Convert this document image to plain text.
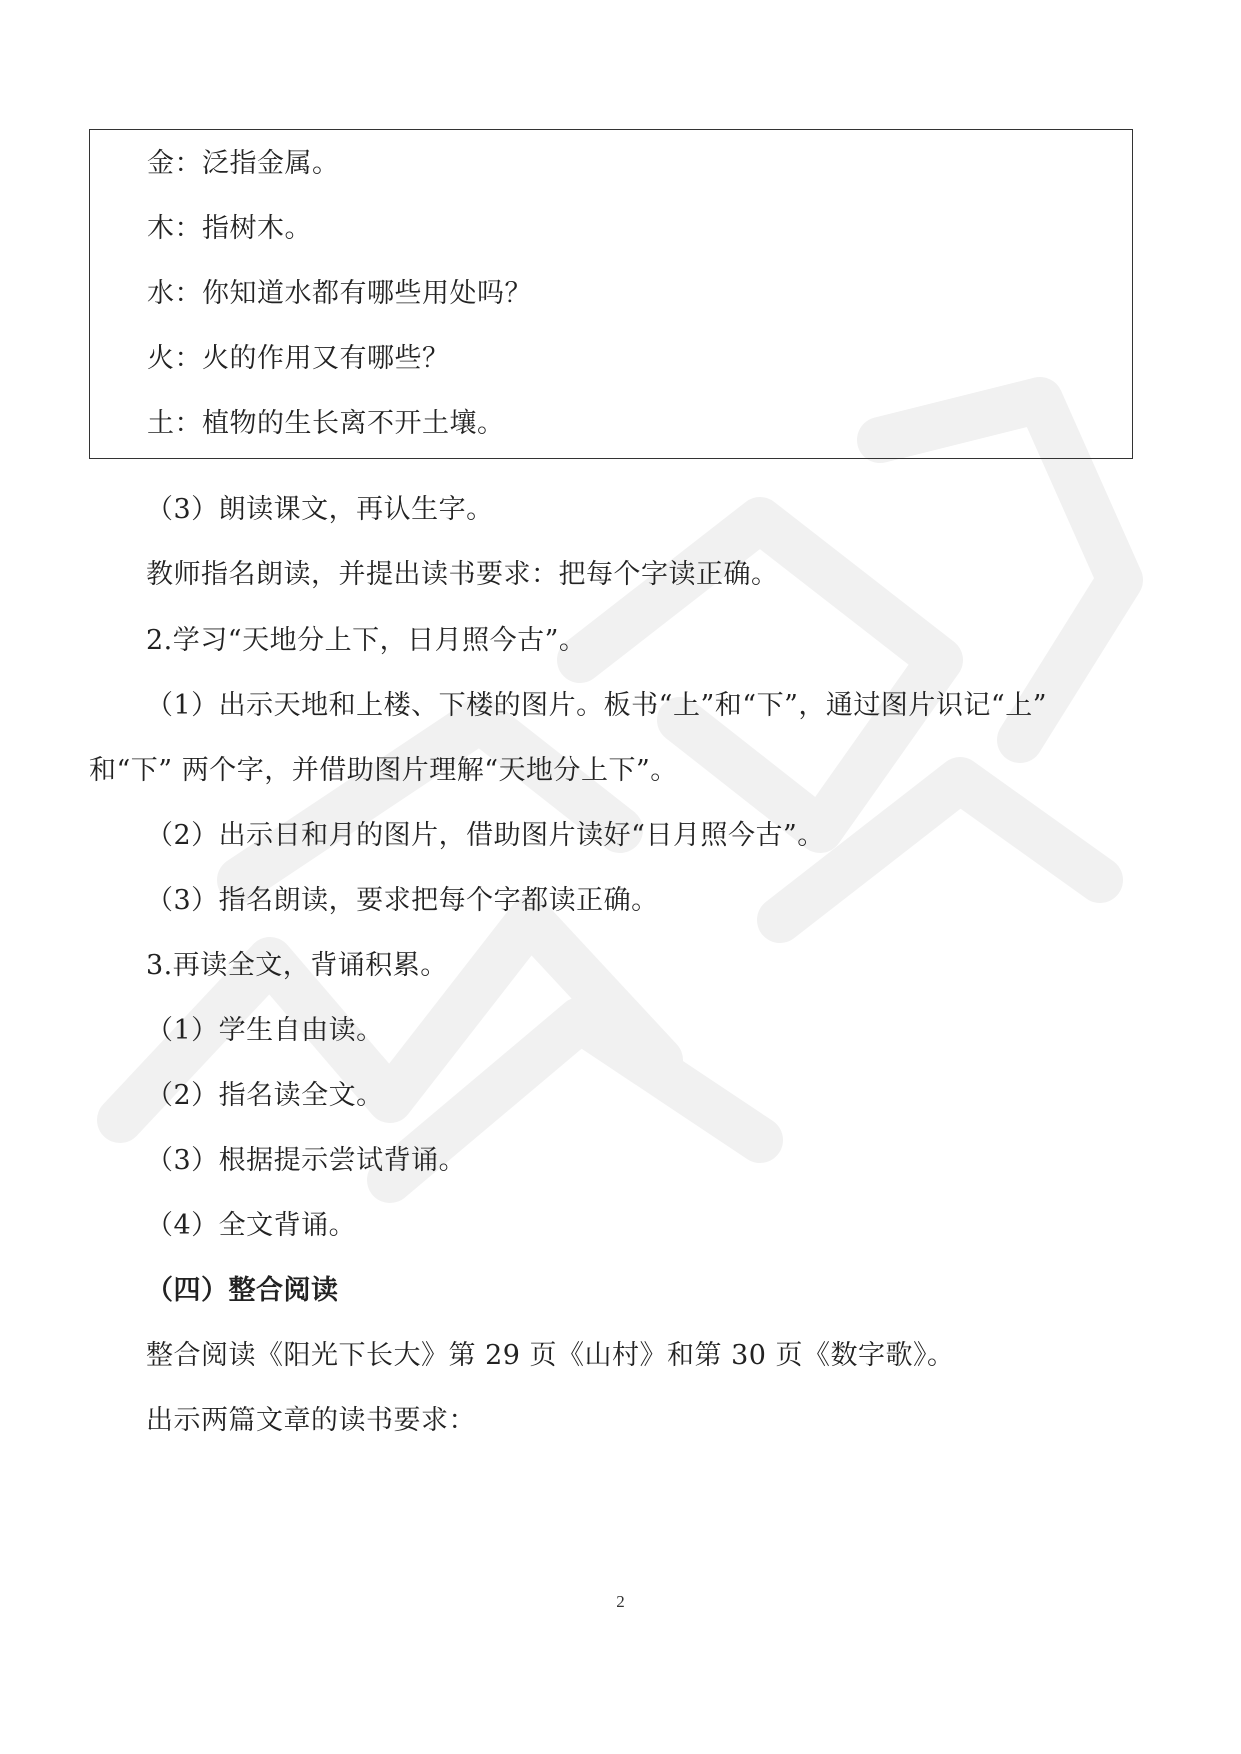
金：泛指金属。
木：指树木。
水：你知道水都有哪些用处吗？
火：火的作用又有哪些？
土：植物的生长离不开土壤。
（3）朗读课文，再认生字。
教师指名朗读，并提出读书要求：把每个字读正确。
2.学习“天地分上下，日月照今古”。
（1）出示天地和上楼、下楼的图片。板书“上”和“下”，通过图片识记“上”
和“下” 两个字，并借助图片理解“天地分上下”。
（2）出示日和月的图片，借助图片读好“日月照今古”。
（3）指名朗读，要求把每个字都读正确。
3.再读全文，背诵积累。
（1）学生自由读。
（2）指名读全文。
（3）根据提示尝试背诵。
（4）全文背诵。
（四）整合阅读
整合阅读《阳光下长大》第 29 页《山村》和第 30 页《数字歌》。
出示两篇文章的读书要求：
2
